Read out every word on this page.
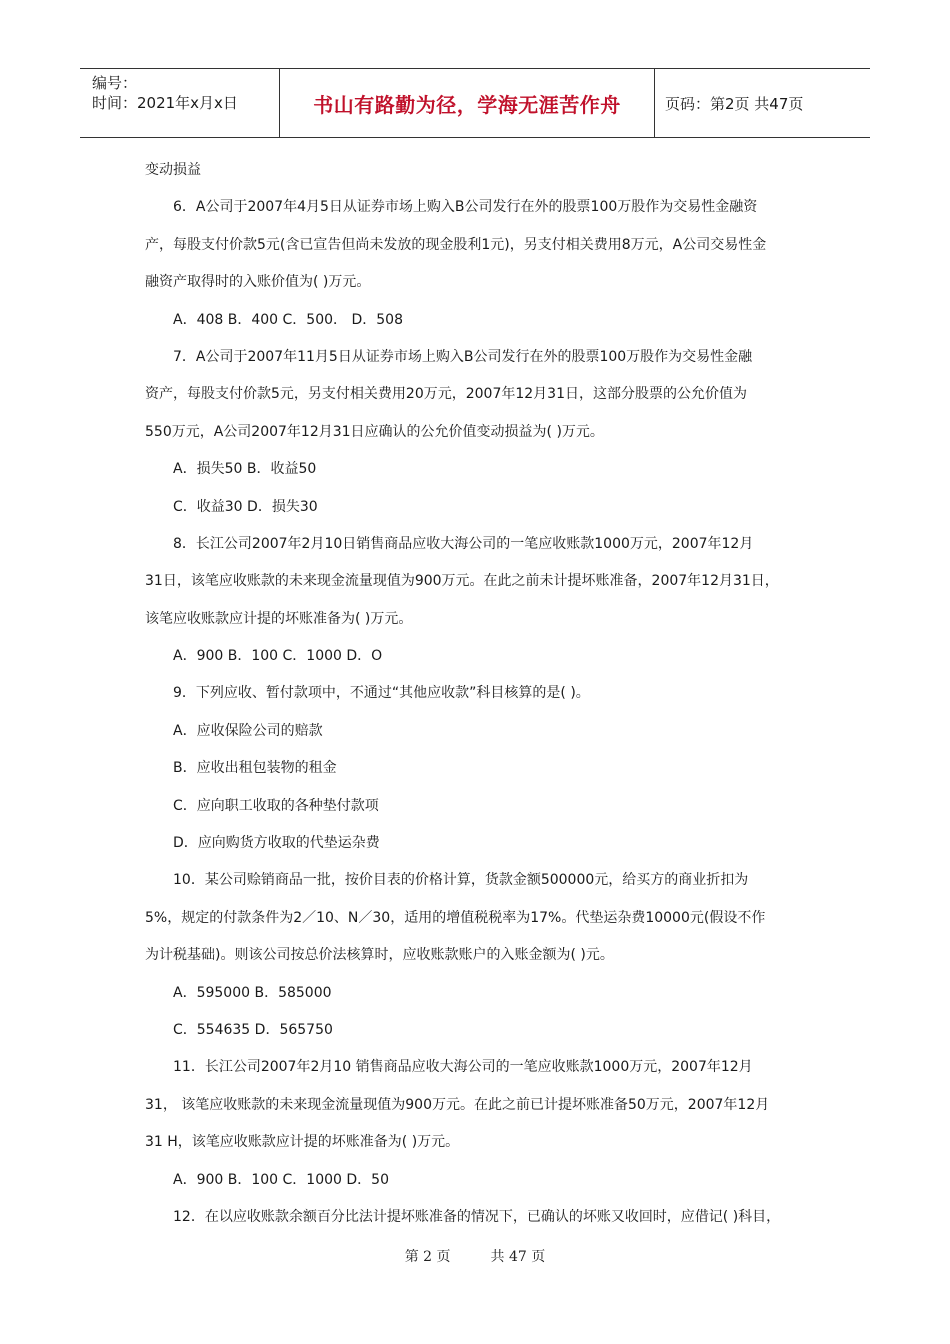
编号：
时间：2021年x月x日	书山有路勤为径，学海无涯苦作舟	页码：第2页 共47页
变动损益
6．A公司于2007年4月5日从证券市场上购入B公司发行在外的股票100万股作为交易性金融资
产，每股支付价款5元(含已宣告但尚未发放的现金股利1元)，另支付相关费用8万元，A公司交易性金
融资产取得时的入账价值为( )万元。
A．408 B．400 C．500． D．508
7．A公司于2007年11月5日从证券市场上购入B公司发行在外的股票100万股作为交易性金融
资产，每股支付价款5元，另支付相关费用20万元，2007年12月31日，这部分股票的公允价值为
550万元，A公司2007年12月31日应确认的公允价值变动损益为( )万元。
A．损失50 B．收益50
C．收益30 D．损失30
8．长江公司2007年2月10日销售商品应收大海公司的一笔应收账款1000万元，2007年12月
31日，该笔应收账款的未来现金流量现值为900万元。在此之前未计提坏账准备，2007年12月31日，
该笔应收账款应计提的坏账准备为( )万元。
A．900 B．100 C．1000 D．O
9．下列应收、暂付款项中，不通过“其他应收款”科目核算的是( )。
A．应收保险公司的赔款
B．应收出租包装物的租金
C．应向职工收取的各种垫付款项
D．应向购货方收取的代垫运杂费
10．某公司赊销商品一批，按价目表的价格计算，货款金额500000元，给买方的商业折扣为
5%，规定的付款条件为2／10、N／30，适用的增值税税率为17%。代垫运杂费10000元(假设不作
为计税基础)。则该公司按总价法核算时，应收账款账户的入账金额为( )元。
A．595000 B．585000
C．554635 D．565750
11．长江公司2007年2月10 销售商品应收大海公司的一笔应收账款1000万元，2007年12月
31， 该笔应收账款的未来现金流量现值为900万元。在此之前已计提坏账准备50万元，2007年12月
31 H，该笔应收账款应计提的坏账准备为( )万元。
A．900 B．100 C．1000 D．50
12．在以应收账款余额百分比法计提坏账准备的情况下，已确认的坏账又收回时，应借记( )科目，
第 2 页	共 47 页
